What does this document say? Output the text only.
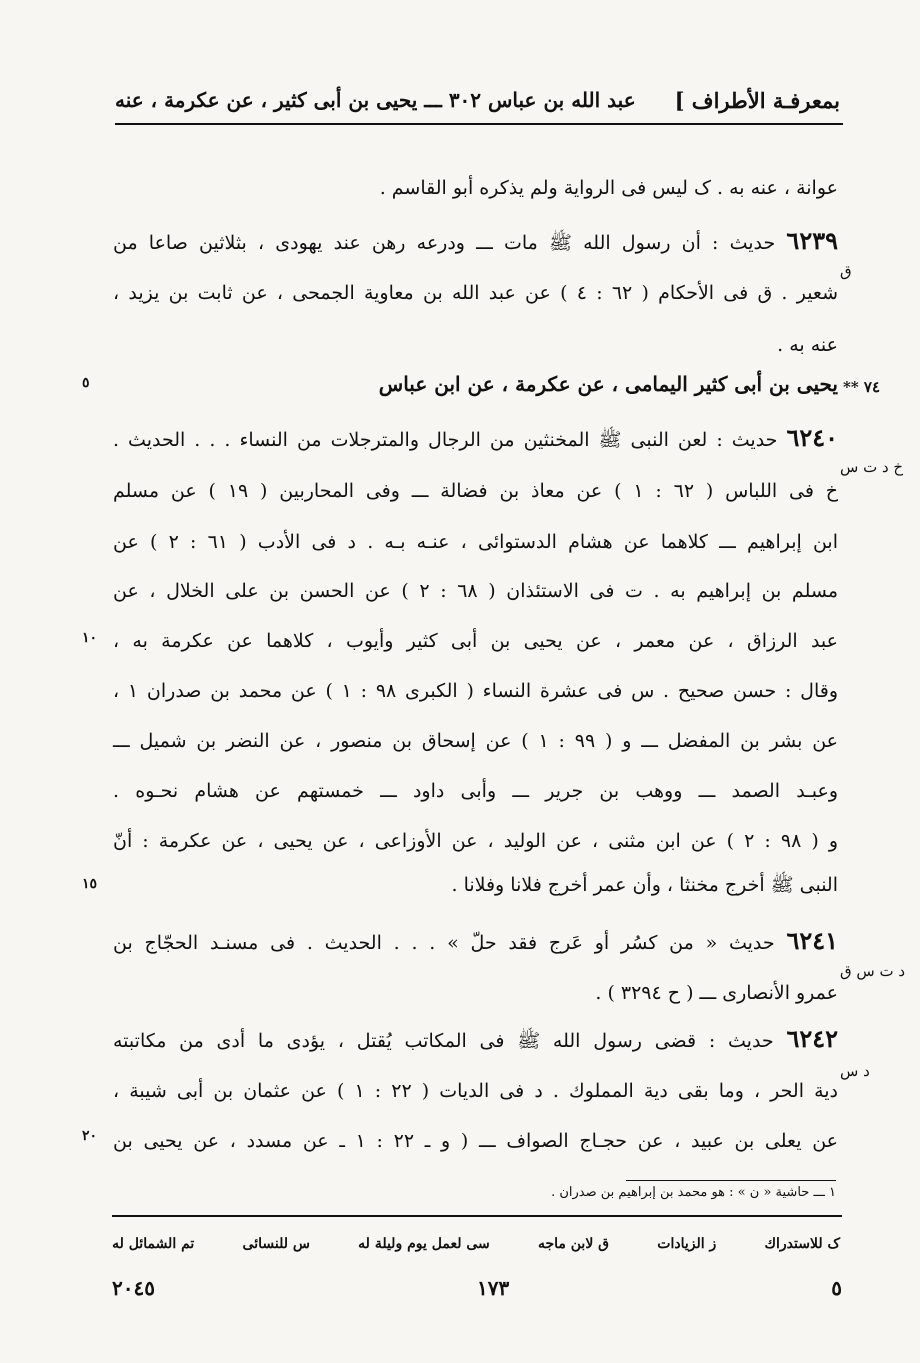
عبد الله بن عباس ٣٠٢ ـــ يحيى بن أبى كثير ، عن عكرمة ، عنه بمعرفـة الأطراف ]
عوانة ، عنه به . ک ليس فى الرواية ولم يذكره أبو القاسم .
٦٢٣٩ حديث : أن رسول الله ﷺ مات ـــ ودرعه رهن عند يهودى ، بثلاثين صاعا من
ق
شعير . ق فى الأحكام ( ٦٢ : ٤ ) عن عبد الله بن معاوية الجمحى ، عن ثابت بن يزيد ،
عنه به .
٧٤ **
يحيى بن أبى كثير اليمامى ، عن عكرمة ، عن ابن عباس
٥
٦٢٤٠ حديث : لعن النبى ﷺ المخنثين من الرجال والمترجلات من النساء . . . الحديث .
خ د ت س
خ فى اللباس ( ٦٢ : ١ ) عن معاذ بن فضالة ـــ وفى المحاربين ( ١٩ ) عن مسلم
ابن إبراهيم ـــ كلاهما عن هشام الدستوائى ، عنـه بـه . د فى الأدب ( ٦١ : ٢ ) عن
مسلم بن إبراهيم به . ت فى الاستئذان ( ٦٨ : ٢ ) عن الحسن بن على الخلال ، عن
عبد الرزاق ، عن معمر ، عن يحيى بن أبى كثير وأيوب ، كلاهما عن عكرمة به ،
١٠
وقال : حسن صحيح . س فى عشرة النساء ( الكبرى ٩٨ : ١ ) عن محمد بن صدران ١ ،
عن بشر بن المفضل ـــ و ( ٩٩ : ١ ) عن إسحاق بن منصور ، عن النضر بن شميل ـــ
وعبـد الصمد ـــ ووهب بن جرير ـــ وأبى داود ـــ خمستهم عن هشام نحـوه .
و ( ٩٨ : ٢ ) عن ابن مثنى ، عن الوليد ، عن الأوزاعى ، عن يحيى ، عن عكرمة : أنّ
النبى ﷺ أخرج مخنثا ، وأن عمر أخرج فلانا وفلانا .
١٥
٦٢٤١ حديث « من كسُر أو عَرج فقد حلّ » . . . الحديث . فى مسنـد الحجّاج بن
د ت س ق
عمرو الأنصارى ـــ ( ح ٣٢٩٤ ) .
٦٢٤٢ حديث : قضى رسول الله ﷺ فى المكاتب يُقتل ، يؤدى ما أدى من مكاتبته
د س
دية الحر ، وما بقى دية المملوك . د فى الديات ( ٢٢ : ١ ) عن عثمان بن أبى شيبة ،
عن يعلى بن عبيد ، عن حجـاج الصواف ـــ ( و ـ ٢٢ : ١ ـ عن مسدد ، عن يحيى بن
٢٠
١ ـــ حاشية « ن » : هو محمد بن إبراهيم بن صدران .
تم الشمائل له	س للنسائى	سى لعمل يوم وليلة له	ق لابن ماجه	ز الزيادات	ک للاستدراك
٢٠٤٥	١٧٣	٥
